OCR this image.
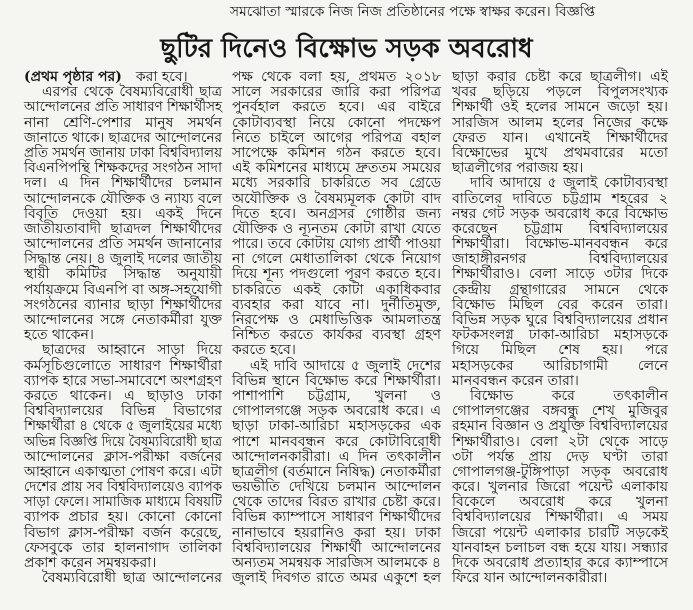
সমঝোতা স্মারকে নিজ নিজ প্রতিষ্ঠানের পক্ষে স্বাক্ষর করেন। বিজ্ঞপ্তি
ছুটির দিনেও বিক্ষোভ সড়ক অবরোধ
(প্রথম পৃষ্ঠার পর) করা হবে।
এরপর থেকে বৈষম্যবিরোধী ছাত্র
আন্দোলনের প্রতি সাধারণ শিক্ষার্থীসহ
নানা শ্রেণি-পেশার মানুষ সমর্থন
জানাতে থাকে। ছাত্রদের আন্দোলনের
প্রতি সমর্থন জানায় ঢাকা বিশ্ববিদ্যালয়
বিএনপিপন্থি শিক্ষকদের সংগঠন সাদা
দল। এ দিন শিক্ষার্থীদের চলমান
আন্দোলনকে যৌক্তিক ও ন্যায্য বলে
বিবৃতি দেওয়া হয়। একই দিনে
জাতীয়তাবাদী ছাত্রদল শিক্ষার্থীদের
আন্দোলনের প্রতি সমর্থন জানানোর
সিদ্ধান্ত নেয়। ৪ জুলাই দলের জাতীয়
স্থায়ী কমিটির সিদ্ধান্ত অনুযায়ী
পর্যায়ক্রমে বিএনপি বা অঙ্গ-সহযোগী
সংগঠনের ব্যানার ছাড়া শিক্ষার্থীদের
আন্দোলনের সঙ্গে নেতাকর্মীরা যুক্ত
হতে থাকেন।
ছাত্রদের আহ্বানে সাড়া দিয়ে
কর্মসূচিগুলোতে সাধারণ শিক্ষার্থীরা
ব্যাপক হারে সভা-সমাবেশে অংশগ্রহণ
করতে থাকেন। এ ছাড়াও ঢাকা
বিশ্ববিদ্যালয়ের বিভিন্ন বিভাগের
শিক্ষার্থীরা ৪ থেকে ৫ জুলাইয়ের মধ্যে
অভিন্ন বিজ্ঞপ্তি দিয়ে বৈষম্যবিরোধী ছাত্র
আন্দোলনের ক্লাস-পরীক্ষা বর্জনের
আহ্বানে একাত্মতা পোষণ করে। এটা
দেশের প্রায় সব বিশ্ববিদ্যালয়েও ব্যাপক
সাড়া ফেলে। সামাজিক মাধ্যমে বিষয়টি
ব্যাপক প্রচার হয়। কোনো কোনো
বিভাগ ক্লাস-পরীক্ষা বর্জন করেছে,
ফেসবুকে তার হালনাগাদ তালিকা
প্রকাশ করেন সমন্বয়করা।
বৈষম্যবিরোধী ছাত্র আন্দোলনের
পক্ষ থেকে বলা হয়, প্রথমত ২০১৮
সালে সরকারের জারি করা পরিপত্র
পুনর্বহাল করতে হবে। এর বাইরে
কোটাব্যবস্থা নিয়ে কোনো পদক্ষেপ
নিতে চাইলে আগের পরিপত্র বহাল
সাপেক্ষে কমিশন গঠন করতে হবে।
এই কমিশনের মাধ্যমে দ্রুততম সময়ের
মধ্যে সরকারি চাকরিতে সব গ্রেডে
অযৌক্তিক ও বৈষম্যমূলক কোটা বাদ
দিতে হবে। অনগ্রসর গোষ্ঠীর জন্য
যৌক্তিক ও ন্যূনতম কোটা রাখা যেতে
পারে। তবে কোটায় যোগ্য প্রার্থী পাওয়া
না গেলে মেধাতালিকা থেকে নিয়োগ
দিয়ে শূন্য পদগুলো পূরণ করতে হবে।
চাকরিতে একই কোটা একাধিকবার
ব্যবহার করা যাবে না। দুর্নীতিমুক্ত,
নিরপেক্ষ ও মেধাভিত্তিক আমলাতন্ত্র
নিশ্চিত করতে কার্যকর ব্যবস্থা গ্রহণ
করতে হবে।
এই দাবি আদায়ে ৫ জুলাই দেশের
বিভিন্ন স্থানে বিক্ষোভ করে শিক্ষার্থীরা।
পাশাপাশি চট্টগ্রাম, খুলনা ও
গোপালগঞ্জে সড়ক অবরোধ করে। এ
ছাড়া ঢাকা-আরিচা মহাসড়কের এক
পাশে মানববন্ধন করে কোটাবিরোধী
আন্দোলনকারীরা। এ দিন তৎকালীন
ছাত্রলীগ (বর্তমানে নিষিদ্ধ) নেতাকর্মীরা
ভয়ভীতি দেখিয়ে চলমান আন্দোলন
থেকে তাদের বিরত রাখার চেষ্টা করে।
বিভিন্ন ক্যাম্পাসে সাধারণ শিক্ষার্থীদের
নানাভাবে হয়রানিও করা হয়। ঢাকা
বিশ্ববিদ্যালয়ের শিক্ষার্থী আন্দোলনের
অন্যতম সমন্বয়ক সারজিস আলমকে ৪
জুলাই দিবগত রাতে অমর একুশে হল
ছাড়া করার চেষ্টা করে ছাত্রলীগ। এই
খবর ছড়িয়ে পড়লে বিপুলসংখ্যক
শিক্ষার্থী ওই হলের সামনে জড়ো হয়।
সারজিস আলম হলের নিজের কক্ষে
ফেরত যান। এখানেই শিক্ষার্থীদের
বিক্ষোভের মুখে প্রথমবারের মতো
ছাত্রলীগের পরাজয় হয়।
দাবি আদায়ে ৫ জুলাই কোটাব্যবস্থা
বাতিলের দাবিতে চট্টগ্রাম শহরের ২
নম্বর গেট সড়ক অবরোধ করে বিক্ষোভ
করেছেন চট্টগ্রাম বিশ্ববিদ্যালয়ের
শিক্ষার্থীরা। বিক্ষোভ-মানববন্ধন করে
জাহাঙ্গীরনগর বিশ্ববিদ্যালয়ের
শিক্ষার্থীরাও। বেলা সাড়ে ৩টার দিকে
কেন্দ্রীয় গ্রন্থাগারের সামনে থেকে
বিক্ষোভ মিছিল বের করেন তারা।
বিভিন্ন সড়ক ঘুরে বিশ্ববিদ্যালয়ের প্রধান
ফটকসংলগ্ন ঢাকা-আরিচা মহাসড়কে
গিয়ে মিছিল শেষ হয়। পরে
মহাসড়কের আরিচাগামী লেনে
মানববন্ধন করেন তারা।
বিক্ষোভ করে তৎকালীন
গোপালগঞ্জের বঙ্গবন্ধু শেখ মুজিবুর
রহমান বিজ্ঞান ও প্রযুক্তি বিশ্ববিদ্যালয়ের
শিক্ষার্থীরাও। বেলা ২টা থেকে সাড়ে
৩টা পর্যন্ত প্রায় দেড় ঘণ্টা তারা
গোপালগঞ্জ-টুঙ্গিপাড়া সড়ক অবরোধ
করে। খুলনার জিরো পয়েন্ট এলাকায়
বিকেলে অবরোধ করে খুলনা
বিশ্ববিদ্যালয়ের শিক্ষার্থীরা। এ সময়
জিরো পয়েন্ট এলাকার চারটি সড়কেই
যানবাহন চলাচল বন্ধ হয়ে যায়। সন্ধ্যার
দিকে অবরোধ প্রত্যাহার করে ক্যাম্পাসে
ফিরে যান আন্দোলনকারীরা।
